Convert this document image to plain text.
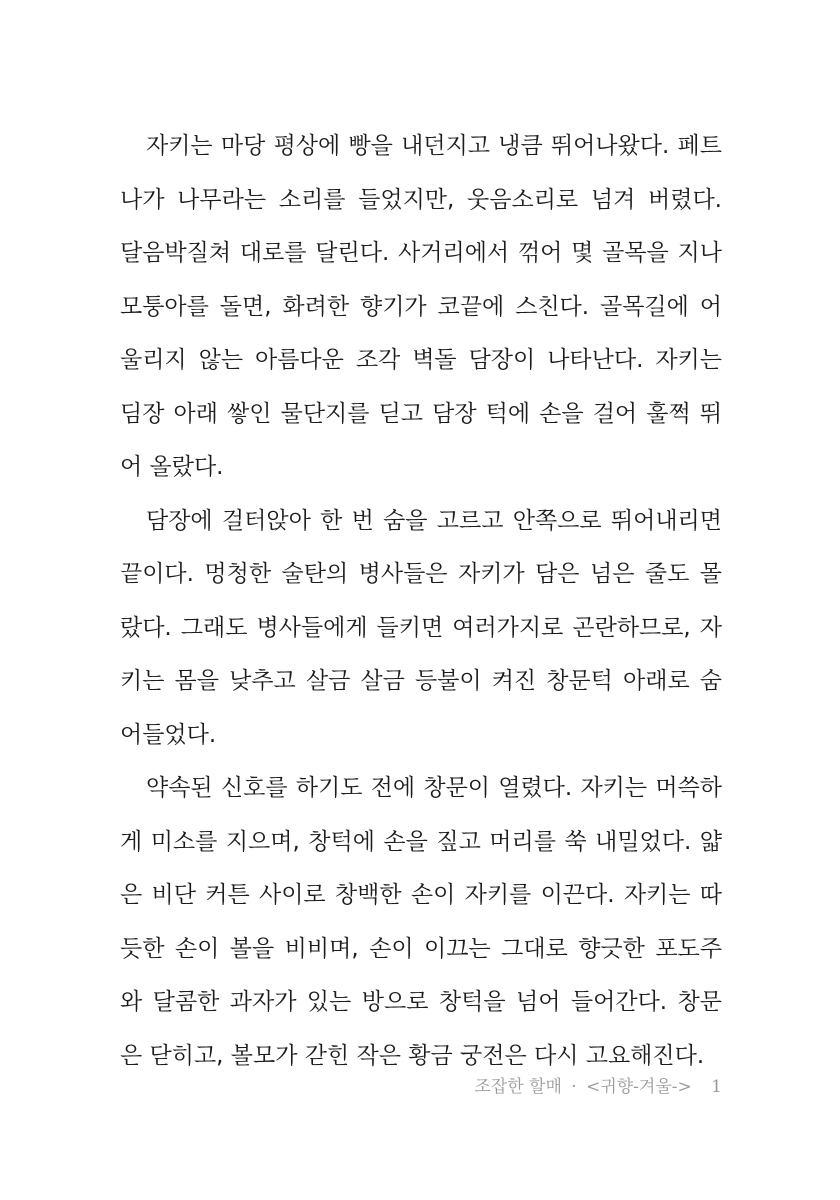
자키는 마당 평상에 빵을 내던지고 냉큼 뛰어나왔다. 페트
나가 나무라는 소리를 들었지만, 웃음소리로 넘겨 버렸다.
달음박질쳐 대로를 달린다. 사거리에서 꺾어 몇 골목을 지나
모퉁아를 돌면, 화려한 향기가 코끝에 스친다. 골목길에 어
울리지 않는 아름다운 조각 벽돌 담장이 나타난다. 자키는
딤장 아래 쌓인 물단지를 딛고 담장 턱에 손을 걸어 훌쩍 뛰
어 올랐다.
담장에 걸터앉아 한 번 숨을 고르고 안쪽으로 뛰어내리면
끝이다. 멍청한 술탄의 병사들은 자키가 담은 넘은 줄도 몰
랐다. 그래도 병사들에게 들키면 여러가지로 곤란하므로, 자
키는 몸을 낮추고 살금 살금 등불이 켜진 창문턱 아래로 숨
어들었다.
약속된 신호를 하기도 전에 창문이 열렸다. 자키는 머쓱하
게 미소를 지으며, 창턱에 손을 짚고 머리를 쑥 내밀었다. 얇
은 비단 커튼 사이로 창백한 손이 자키를 이끈다. 자키는 따
듯한 손이 볼을 비비며, 손이 이끄는 그대로 향긋한 포도주
와 달콤한 과자가 있는 방으로 창턱을 넘어 들어간다. 창문
은 닫히고, 볼모가 갇힌 작은 황금 궁전은 다시 고요해진다.
조잡한 할매 · <귀향-겨울-> 1
